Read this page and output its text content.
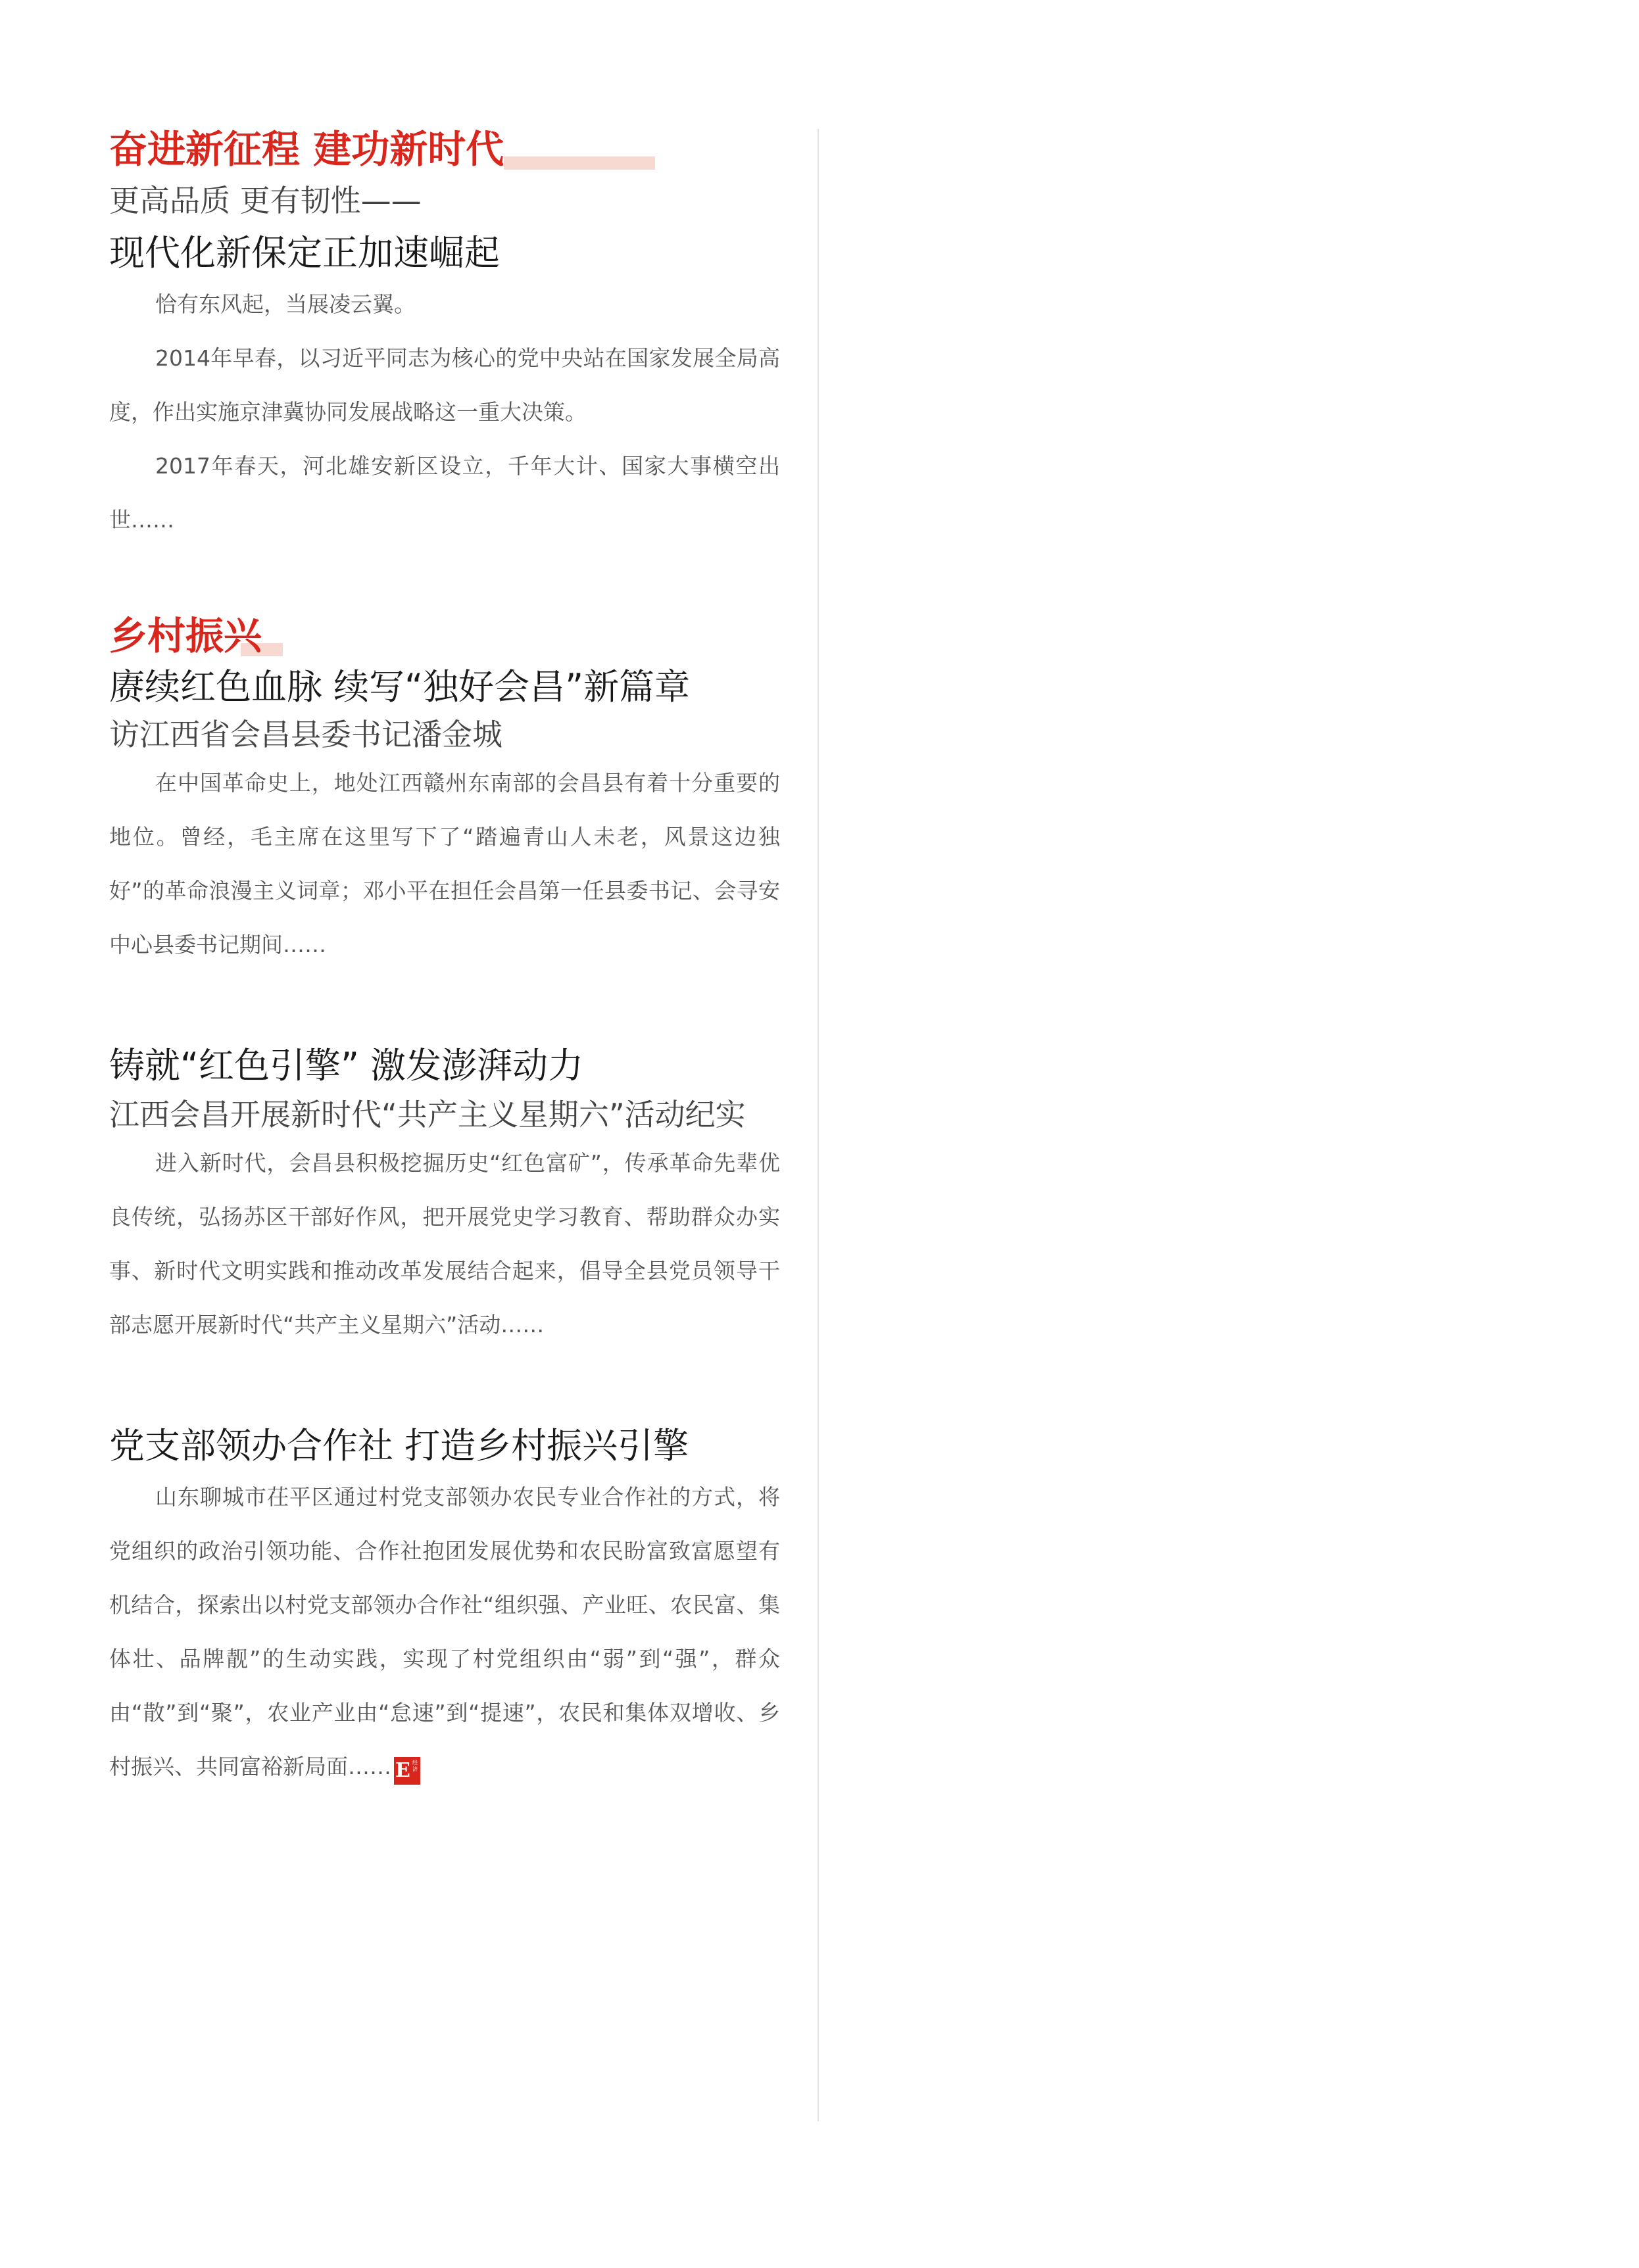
奋进新征程 建功新时代
更高品质 更有韧性——
现代化新保定正加速崛起

恰有东风起，当展凌云翼。

2014年早春，以习近平同志为核心的党中央站在国家发展全局高度，作出实施京津冀协同发展战略这一重大决策。

2017年春天，河北雄安新区设立，千年大计、国家大事横空出世……

乡村振兴
赓续红色血脉 续写“独好会昌”新篇章
访江西省会昌县委书记潘金城

在中国革命史上，地处江西赣州东南部的会昌县有着十分重要的地位。曾经，毛主席在这里写下了“踏遍青山人未老，风景这边独好”的革命浪漫主义词章；邓小平在担任会昌第一任县委书记、会寻安中心县委书记期间……

铸就“红色引擎” 激发澎湃动力
江西会昌开展新时代“共产主义星期六”活动纪实

进入新时代，会昌县积极挖掘历史“红色富矿”，传承革命先辈优良传统，弘扬苏区干部好作风，把开展党史学习教育、帮助群众办实事、新时代文明实践和推动改革发展结合起来，倡导全县党员领导干部志愿开展新时代“共产主义星期六”活动……

党支部领办合作社 打造乡村振兴引擎

山东聊城市茌平区通过村党支部领办农民专业合作社的方式，将党组织的政治引领功能、合作社抱团发展优势和农民盼富致富愿望有机结合，探索出以村党支部领办合作社“组织强、产业旺、农民富、集体壮、品牌靓”的生动实践，实现了村党组织由“弱”到“强”，群众由“散”到“聚”，农业产业由“怠速”到“提速”，农民和集体双增收、乡村振兴、共同富裕新局面…… E 经济
